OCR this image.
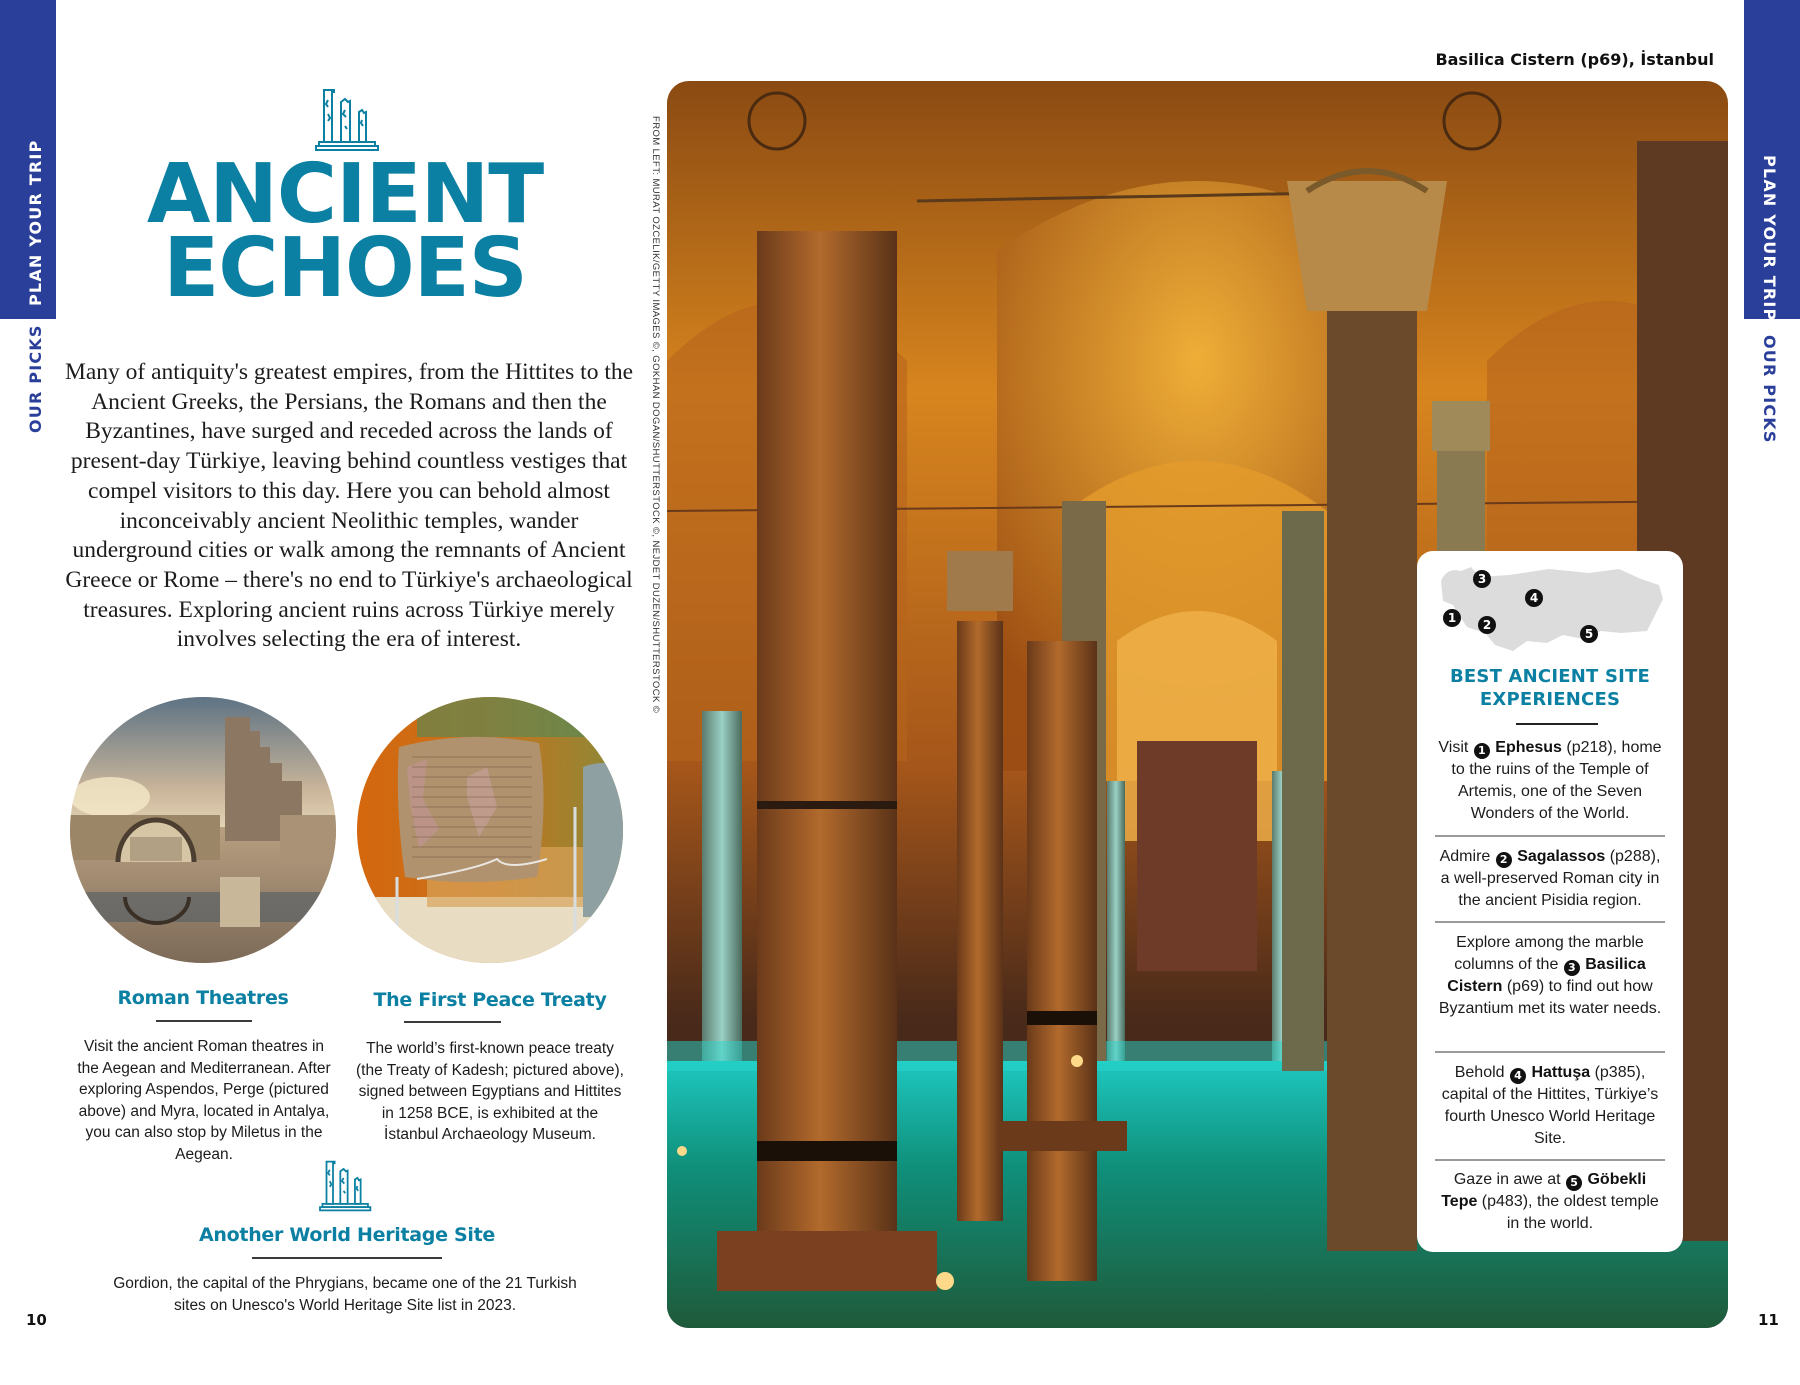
PLAN YOUR TRIP
OUR PICKS
PLAN YOUR TRIP
OUR PICKS
ANCIENT
ECHOES

Many of antiquity's greatest empires, from the Hittites to the Ancient Greeks, the Persians, the Romans and then the Byzantines, have surged and receded across the lands of present-day Türkiye, leaving behind countless vestiges that compel visitors to this day. Here you can behold almost inconceivably ancient Neolithic temples, wander underground cities or walk among the remnants of Ancient Greece or Rome – there's no end to Türkiye's archaeological treasures. Exploring ancient ruins across Türkiye merely involves selecting the era of interest.

Roman Theatres

Visit the ancient Roman theatres in the Aegean and Mediterranean. After exploring Aspendos, Perge (pictured above) and Myra, located in Antalya, you can also stop by Miletus in the Aegean.

The First Peace Treaty

The world’s first-known peace treaty (the Treaty of Kadesh; pictured above), signed between Egyptians and Hittites in 1258 BCE, is exhibited at the İstanbul Archaeology Museum.

Another World Heritage Site

Gordion, the capital of the Phrygians, became one of the 21 Turkish sites on Unesco's World Heritage Site list in 2023.

10
FROM LEFT: MURAT OZCELIK/GETTY IMAGES ©, GOKHAN DOGAN/SHUTTERSTOCK ©, NEJDET DUZEN/SHUTTERSTOCK ©
Basilica Cistern (p69), İstanbul
3
4
1	2
5
BEST ANCIENT SITE EXPERIENCES

Visit 1 Ephesus (p218), home to the ruins of the Temple of Artemis, one of the Seven Wonders of the World.

Admire 2 Sagalassos (p288), a well-preserved Roman city in the ancient Pisidia region.

Explore among the marble columns of the 3 Basilica Cistern (p69) to find out how Byzantium met its water needs.

Behold 4 Hattuşa (p385), capital of the Hittites, Türkiye’s fourth Unesco World Heritage Site.

Gaze in awe at 5 Göbekli Tepe (p483), the oldest temple in the world.

11
